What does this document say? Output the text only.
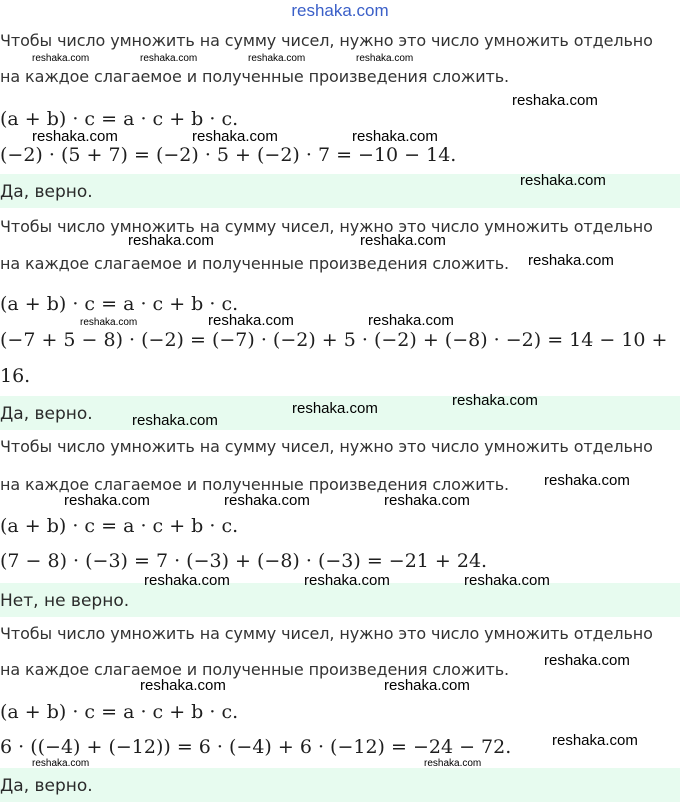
reshaka.com
Чтобы число умножить на сумму чисел, нужно это число умножить отдельно
на каждое слагаемое и полученные произведения сложить.
(a + b) · c = a · c + b · c.
(−2) · (5 + 7) = (−2) · 5 + (−2) · 7 = −10 − 14.
Да, верно.
Чтобы число умножить на сумму чисел, нужно это число умножить отдельно
на каждое слагаемое и полученные произведения сложить.
(a + b) · c = a · c + b · c.
(−7 + 5 − 8) · (−2) = (−7) · (−2) + 5 · (−2) + (−8) · −2) = 14 − 10 +
16.
Да, верно.
Чтобы число умножить на сумму чисел, нужно это число умножить отдельно
на каждое слагаемое и полученные произведения сложить.
(a + b) · c = a · c + b · c.
(7 − 8) · (−3) = 7 · (−3) + (−8) · (−3) = −21 + 24.
Нет, не верно.
Чтобы число умножить на сумму чисел, нужно это число умножить отдельно
на каждое слагаемое и полученные произведения сложить.
(a + b) · c = a · c + b · c.
6 · ((−4) + (−12)) = 6 · (−4) + 6 · (−12) = −24 − 72.
Да, верно.
reshaka.com	reshaka.com	reshaka.com	reshaka.com
reshaka.com
reshaka.com	reshaka.com	reshaka.com
reshaka.com
reshaka.com	reshaka.com
reshaka.com
reshaka.com	reshaka.com	reshaka.com
reshaka.com
reshaka.com
reshaka.com
reshaka.com
reshaka.com	reshaka.com	reshaka.com
reshaka.com	reshaka.com	reshaka.com
reshaka.com
reshaka.com	reshaka.com
reshaka.com
reshaka.com	reshaka.com
